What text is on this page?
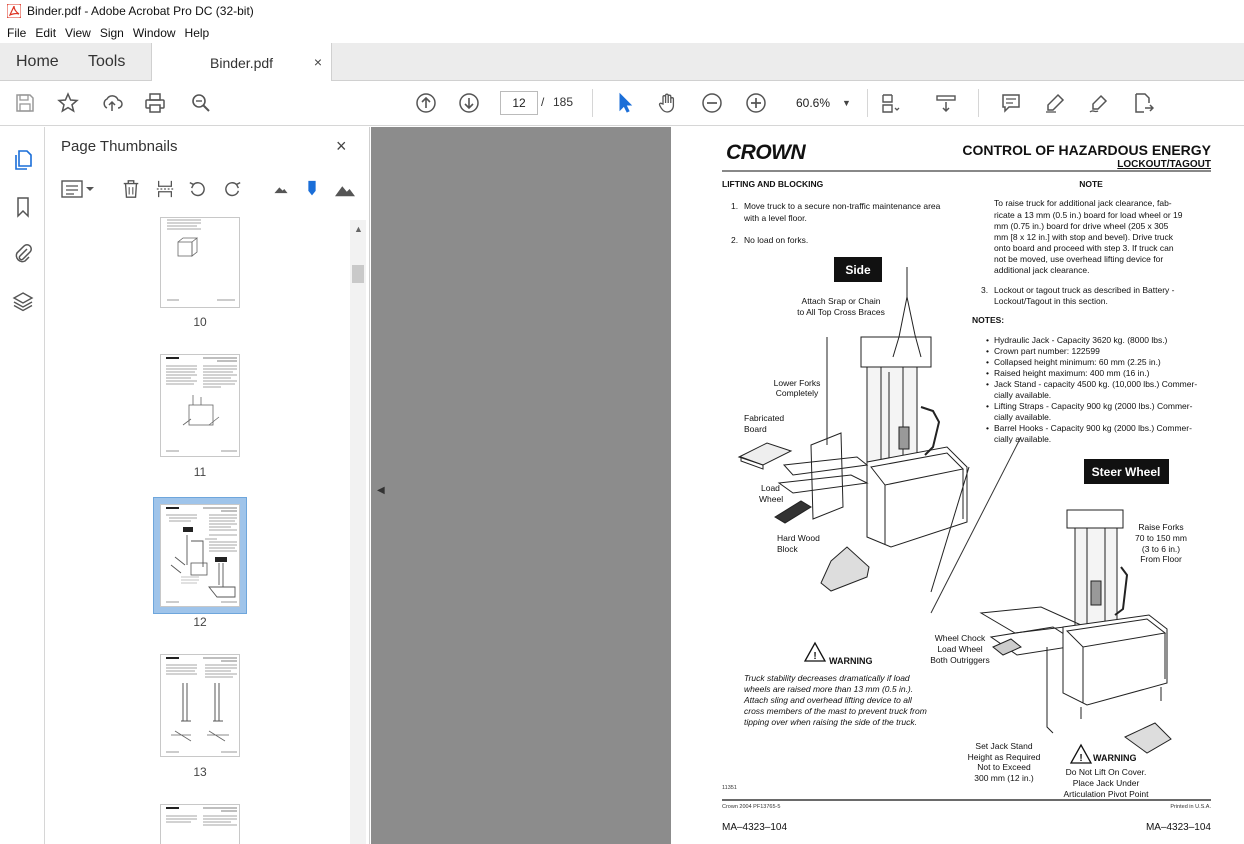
Binder.pdf - Adobe Acrobat Pro DC (32-bit)
File Edit View Sign Window Help
Home Tools	Binder.pdf	×
12
/ 185	60.6% ▼
Page Thumbnails	×
▲
10
11
12
13
◀
CROWN	CONTROL OF HAZARDOUS ENERGY
LOCKOUT/TAGOUT
LIFTING AND BLOCKING	NOTE
1. Move truck to a secure non-traffic maintenance area
with a level floor.
2. No load on forks.
To raise truck for additional jack clearance, fab-
ricate a 13 mm (0.5 in.) board for load wheel or 19
mm (0.75 in.) board for drive wheel (205 x 305
mm [8 x 12 in.] with stop and bevel). Drive truck
onto board and proceed with step 3. If truck can
not be moved, use overhead lifting device for
additional jack clearance.
3. Lockout or tagout truck as described in Battery -
Lockout/Tagout in this section.
NOTES:
• Hydraulic Jack - Capacity 3620 kg. (8000 lbs.)
• Crown part number: 122599
• Collapsed height minimum: 60 mm (2.25 in.)
• Raised height maximum: 400 mm (16 in.)
• Jack Stand - capacity 4500 kg. (10,000 lbs.) Commer-
cially available.
• Lifting Straps - Capacity 900 kg (2000 lbs.) Commer-
cially available.
• Barrel Hooks - Capacity 900 kg (2000 lbs.) Commer-
cially available.
Side
Steer Wheel
Attach Srap or Chain
to All Top Cross Braces
Lower Forks
Completely
Fabricated
Board
Load
Wheel
Hard Wood
Block
Raise Forks
70 to 150 mm
(3 to 6 in.)
From Floor
Wheel Chock
Load Wheel
Both Outriggers
Set Jack Stand
Height as Required
Not to Exceed
300 mm (12 in.)
! WARNING
Truck stability decreases dramatically if load
wheels are raised more than 13 mm (0.5 in.).
Attach sling and overhead lifting device to all
cross members of the mast to prevent truck from
tipping over when raising the side of the truck.
! WARNING
Do Not Lift On Cover.
Place Jack Under
Articulation Pivot Point
11351
Crown 2004 PF13765-5	Printed in U.S.A.
MA–4323–104	MA–4323–104
